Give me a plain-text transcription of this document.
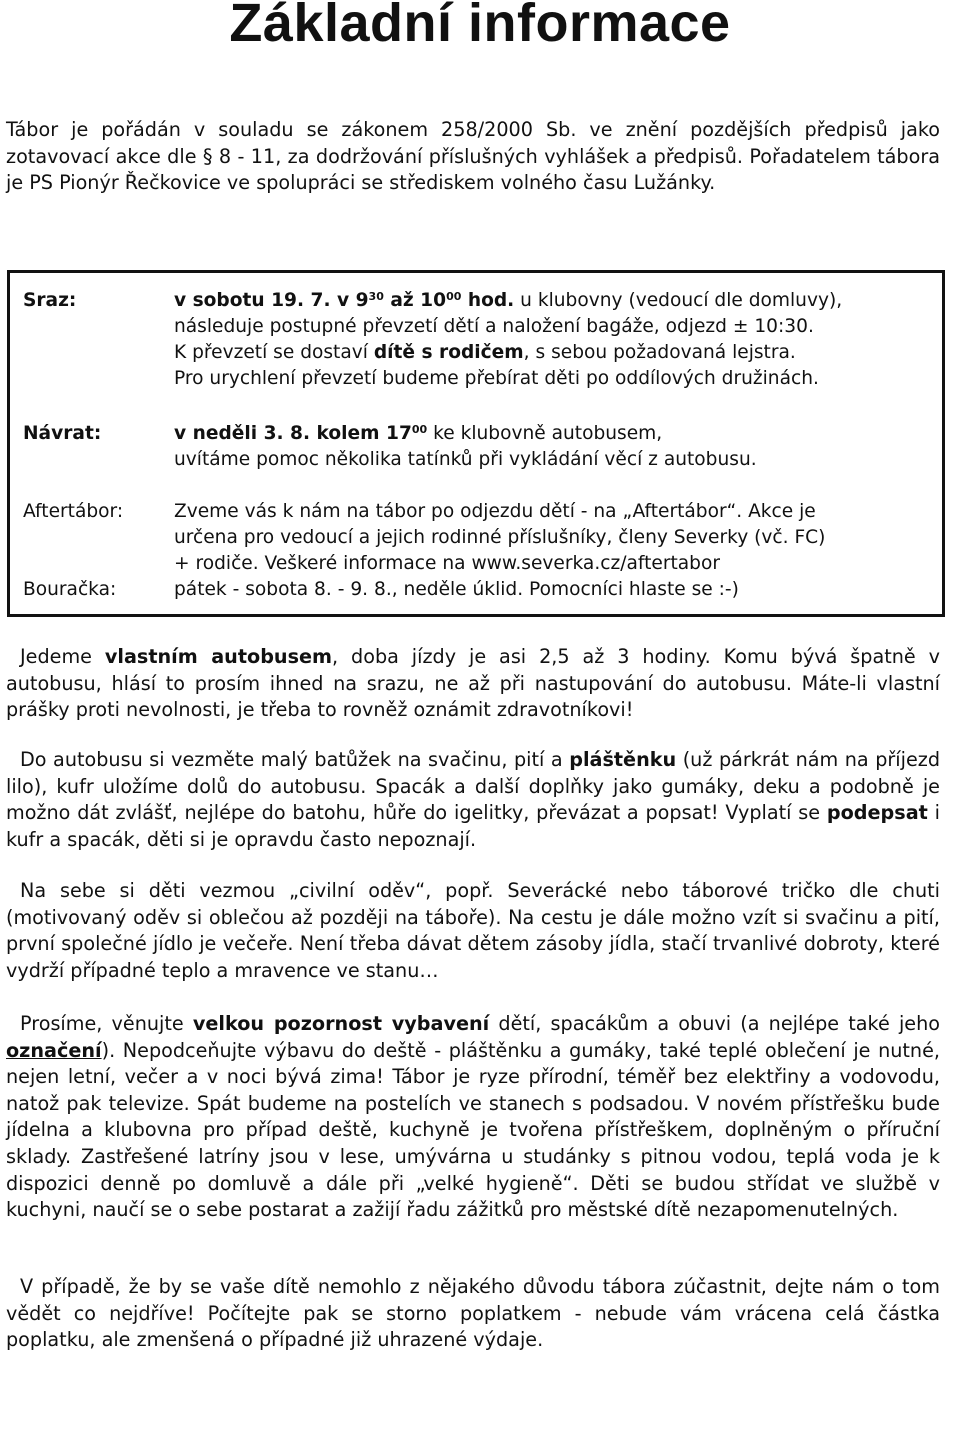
Základní informace

Tábor je pořádán v souladu se zákonem 258/2000 Sb. ve znění pozdějších předpisů jako zotavovací akce dle § 8 - 11, za dodržování příslušných vyhlášek a předpisů. Pořadatelem tábora je PS Pionýr Řečkovice ve spolupráci se střediskem volného času Lužánky.

Sraz:	v sobotu 19. 7. v $9^{30}$ až $10^{00}$ hod. u klubovny (vedoucí dle domluvy),
následuje postupné převzetí dětí a naložení bagáže, odjezd ± 10:30.
K převzetí se dostaví dítě s rodičem, s sebou požadovaná lejstra.
Pro urychlení převzetí budeme přebírat děti po oddílových družinách.
Návrat:	v neděli 3. 8. kolem $17^{00}$ ke klubovně autobusem,
uvítáme pomoc několika tatínků při vykládání věcí z autobusu.
Aftertábor:	Zveme vás k nám na tábor po odjezdu dětí - na „Aftertábor“. Akce je
určena pro vedoucí a jejich rodinné příslušníky, členy Severky (vč. FC)
+ rodiče. Veškeré informace na www.severka.cz/aftertabor
Bouračka:	pátek - sobota 8. - 9. 8., neděle úklid. Pomocníci hlaste se :-)

Jedeme vlastním autobusem, doba jízdy je asi 2,5 až 3 hodiny. Komu bývá špatně v autobusu, hlásí to prosím ihned na srazu, ne až při nastupování do autobusu. Máte-li vlastní prášky proti nevolnosti, je třeba to rovněž oznámit zdravotníkovi!

Do autobusu si vezměte malý batůžek na svačinu, pití a pláštěnku (už párkrát nám na příjezd lilo), kufr uložíme dolů do autobusu. Spacák a další doplňky jako gumáky, deku a podobně je možno dát zvlášť, nejlépe do batohu, hůře do igelitky, převázat a popsat! Vyplatí se podepsat i kufr a spacák, děti si je opravdu často nepoznají.

Na sebe si děti vezmou „civilní oděv“, popř. Severácké nebo táborové tričko dle chuti (motivovaný oděv si oblečou až později na táboře). Na cestu je dále možno vzít si svačinu a pití, první společné jídlo je večeře. Není třeba dávat dětem zásoby jídla, stačí trvanlivé dobroty, které vydrží případné teplo a mravence ve stanu…

Prosíme, věnujte velkou pozornost vybavení dětí, spacákům a obuvi (a nejlépe také jeho označení). Nepodceňujte výbavu do deště - pláštěnku a gumáky, také teplé oblečení je nutné, nejen letní, večer a v noci bývá zima! Tábor je ryze přírodní, téměř bez elektřiny a vodovodu, natož pak televize. Spát budeme na postelích ve stanech s podsadou. V novém přístřešku bude jídelna a klubovna pro případ deště, kuchyně je tvořena přístřeškem, doplněným o příruční sklady. Zastřešené latríny jsou v lese, umývárna u studánky s pitnou vodou, teplá voda je k dispozici denně po domluvě a dále při „velké hygieně“. Děti se budou střídat ve službě v kuchyni, naučí se o sebe postarat a zažijí řadu zážitků pro městské dítě nezapomenutelných.

V případě, že by se vaše dítě nemohlo z nějakého důvodu tábora zúčastnit, dejte nám o tom vědět co nejdříve! Počítejte pak se storno poplatkem - nebude vám vrácena celá částka poplatku, ale zmenšená o případné již uhrazené výdaje.
